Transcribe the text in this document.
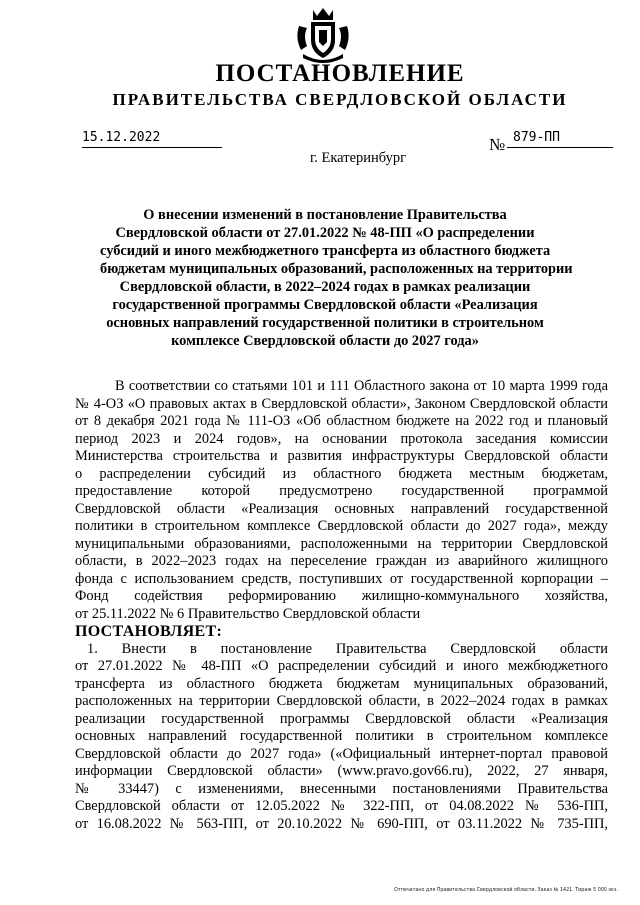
ПОСТАНОВЛЕНИЕ
ПРАВИТЕЛЬСТВА СВЕРДЛОВСКОЙ ОБЛАСТИ
15.12.2022	№ 879-ПП
г. Екатеринбург
О внесении изменений в постановление Правительства
Свердловской области от 27.01.2022 № 48-ПП «О распределении
субсидий и иного межбюджетного трансферта из областного бюджета
бюджетам муниципальных образований, расположенных на территории
Свердловской области, в 2022–2024 годах в рамках реализации
государственной программы Свердловской области «Реализация
основных направлений государственной политики в строительном
комплексе Свердловской области до 2027 года»
В соответствии со статьями 101 и 111 Областного закона от 10 марта 1999 года
№ 4-ОЗ «О правовых актах в Свердловской области», Законом Свердловской области
от 8 декабря 2021 года № 111-ОЗ «Об областном бюджете на 2022 год и плановый
период 2023 и 2024 годов», на основании протокола заседания комиссии
Министерства строительства и развития инфраструктуры Свердловской области
о распределении субсидий из областного бюджета местным бюджетам,
предоставление которой предусмотрено государственной программой
Свердловской области «Реализация основных направлений государственной
политики в строительном комплексе Свердловской области до 2027 года», между
муниципальными образованиями, расположенными на территории Свердловской
области, в 2022–2023 годах на переселение граждан из аварийного жилищного
фонда с использованием средств, поступивших от государственной корпорации –
Фонд содействия реформированию жилищно-коммунального хозяйства,
от 25.11.2022 № 6 Правительство Свердловской области
ПОСТАНОВЛЯЕТ:
1. Внести в постановление Правительства Свердловской области
от 27.01.2022 № 48-ПП «О распределении субсидий и иного межбюджетного
трансферта из областного бюджета бюджетам муниципальных образований,
расположенных на территории Свердловской области, в 2022–2024 годах в рамках
реализации государственной программы Свердловской области «Реализация
основных направлений государственной политики в строительном комплексе
Свердловской области до 2027 года» («Официальный интернет-портал правовой
информации Свердловской области» (www.pravo.gov66.ru), 2022, 27 января,
№ 33447) с изменениями, внесенными постановлениями Правительства
Свердловской области от 12.05.2022 № 322-ПП, от 04.08.2022 № 536-ПП,
от 16.08.2022 № 563-ПП, от 20.10.2022 № 690-ПП, от 03.11.2022 № 735-ПП,
Отпечатано для Правительства Свердловской области. Заказ № 1421. Тираж 5 000 экз.
